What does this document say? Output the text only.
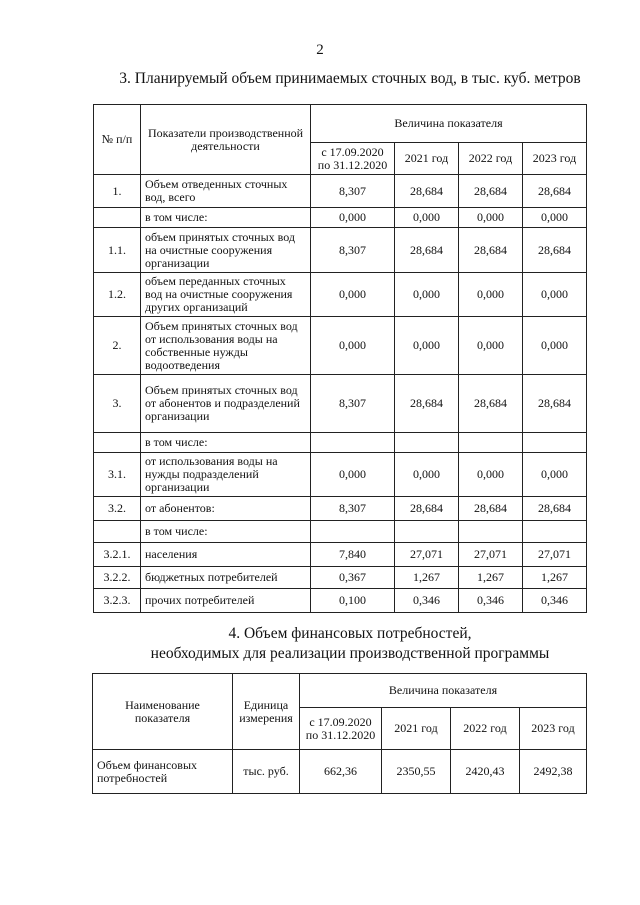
2
3. Планируемый объем принимаемых сточных вод, в тыс. куб. метров
№ п/п	Показатели производственной деятельности	Величина показателя			
		с 17.09.2020 по 31.12.2020	2021 год	2022 год	2023 год
1.	Объем отведенных сточных вод, всего	8,307	28,684	28,684	28,684
	в том числе:	0,000	0,000	0,000	0,000
1.1.	объем принятых сточных вод на очистные сооружения организации	8,307	28,684	28,684	28,684
1.2.	объем переданных сточных вод на очистные сооружения других организаций	0,000	0,000	0,000	0,000
2.	Объем принятых сточных вод от использования воды на собственные нужды водоотведения	0,000	0,000	0,000	0,000
3.	Объем принятых сточных вод от абонентов и подразделений организации	8,307	28,684	28,684	28,684
	в том числе:				
3.1.	от использования воды на нужды подразделений организации	0,000	0,000	0,000	0,000
3.2.	от абонентов:	8,307	28,684	28,684	28,684
	в том числе:				
3.2.1.	населения	7,840	27,071	27,071	27,071
3.2.2.	бюджетных потребителей	0,367	1,267	1,267	1,267
3.2.3.	прочих потребителей	0,100	0,346	0,346	0,346
4. Объем финансовых потребностей,
необходимых для реализации производственной программы
Наименование показателя	Единица измерения	Величина показателя			
		с 17.09.2020 по 31.12.2020	2021 год	2022 год	2023 год
Объем финансовых потребностей	тыс. руб.	662,36	2350,55	2420,43	2492,38
